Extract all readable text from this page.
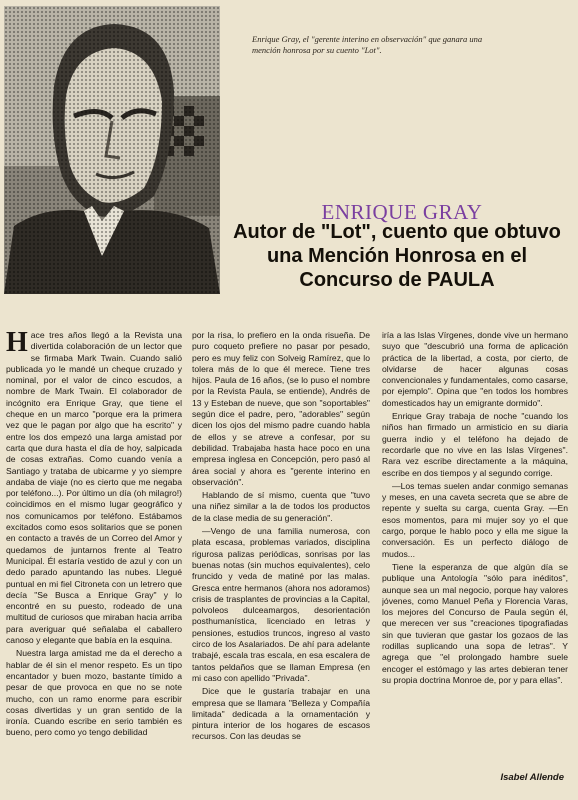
Enrique Gray, el "gerente interino en observación" que ganara una mención honrosa por su cuento "Lot".

ENRIQUE GRAY
Autor de "Lot", cuento que obtuvo una Mención Honrosa en el Concurso de PAULA

Hace tres años llegó a la Revista una divertida colaboración de un lector que se firmaba Mark Twain. Cuando salió publicada yo le mandé un cheque cruzado y nominal, por el valor de cinco escudos, a nombre de Mark Twain. El colaborador de incógnito era Enrique Gray, que tiene el cheque en un marco "porque era la primera vez que le pagan por algo que ha escrito" y entre los dos empezó una larga amistad por carta que dura hasta el día de hoy, salpicada de cosas extrañas. Como cuando venía a Santiago y trataba de ubicarme y yo siempre andaba de viaje (no es cierto que me negaba por teléfono...). Por último un día (oh milagro!) coincidimos en el mismo lugar geográfico y nos comunicamos por teléfono. Estábamos excitados como esos solitarios que se ponen en contacto a través de un Correo del Amor y quedamos de juntarnos frente al Teatro Municipal. Él estaría vestido de azul y con un dedo parado apuntando las nubes. Llegué puntual en mi fiel Citroneta con un letrero que decía "Se Busca a Enrique Gray" y lo encontré en su puesto, rodeado de una multitud de curiosos que miraban hacia arriba para averiguar qué señalaba el caballero canoso y elegante que babía en la esquina.

Nuestra larga amistad me da el derecho a hablar de él sin el menor respeto. Es un tipo encantador y buen mozo, bastante tímido a pesar de que provoca en que no se note mucho, con un ramo enorme para escribir cosas divertidas y un gran sentido de la ironía. Cuando escribe en serio también es bueno, pero como yo tengo debilidad

por la risa, lo prefiero en la onda risueña. De puro coqueto prefiere no pasar por pesado, pero es muy feliz con Solveig Ramírez, que lo tolera más de lo que él merece. Tiene tres hijos. Paula de 16 años, (se lo puso el nombre por la Revista Paula, se entiende), Andrés de 13 y Esteban de nueve, que son "soportables" según dice el padre, pero, "adorables" según dicen los ojos del mismo padre cuando habla de ellos y se atreve a confesar, por su debilidad. Trabajaba hasta hace poco en una empresa inglesa en Concepción, pero pasó al área social y ahora es "gerente interino en observación".

Hablando de sí mismo, cuenta que "tuvo una niñez similar a la de todos los productos de la clase media de su generación".

—Vengo de una familia numerosa, con plata escasa, problemas variados, disciplina rigurosa palizas periódicas, sonrisas por las buenas notas (sin muchos equivalentes), celo fruncido y veda de matiné por las malas. Gresca entre hermanos (ahora nos adoramos) crisis de trasplantes de provincias a la Capital, polvoleos dulceamargos, desorientación posthumanística, licenciado en letras y pensiones, estudios truncos, ingreso al vasto circo de los Asalariados. De ahí para adelante trabajé, escala tras escala, en esa escalera de tantos peldaños que se llaman Empresa (en mi caso con apellido "Privada".

Dice que le gustaría trabajar en una empresa que se llamara "Belleza y Compañía limitada" dedicada a la ornamentación y pintura interior de los hogares de escasos recursos. Con las deudas se

iría a las Islas Vírgenes, donde vive un hermano suyo que "descubrió una forma de aplicación práctica de la libertad, a costa, por cierto, de olvidarse de hacer algunas cosas convencionales y fundamentales, como casarse, por ejemplo". Opina que "en todos los hombres domesticados hay un emigrante dormido".

Enrique Gray trabaja de noche "cuando los niños han firmado un armisticio en su diaria guerra indio y el teléfono ha dejado de recordarle que no vive en las Islas Vírgenes". Rara vez escribe directamente a la máquina, escribe en dos tiempos y al segundo corrige.

—Los temas suelen andar conmigo semanas y meses, en una caveta secreta que se abre de repente y suelta su carga, cuenta Gray. —En esos momentos, para mi mujer soy yo el que cargo, porque le hablo poco y ella me sigue la conversación. Es un perfecto diálogo de mudos...

Tiene la esperanza de que algún día se publique una Antología "sólo para inéditos", aunque sea un mal negocio, porque hay valores jóvenes, como Manuel Peña y Florencia Varas, los mejores del Concurso de Paula según él, que merecen ver sus "creaciones tipografiadas sin que tuvieran que gastar los gozaos de las rodillas suplicando una sopa de letras". Y agrega que "el prolongado hambre suele encoger el estómago y las artes debieran tener su propia doctrina Monroe de, por y para ellas".

Isabel Allende
